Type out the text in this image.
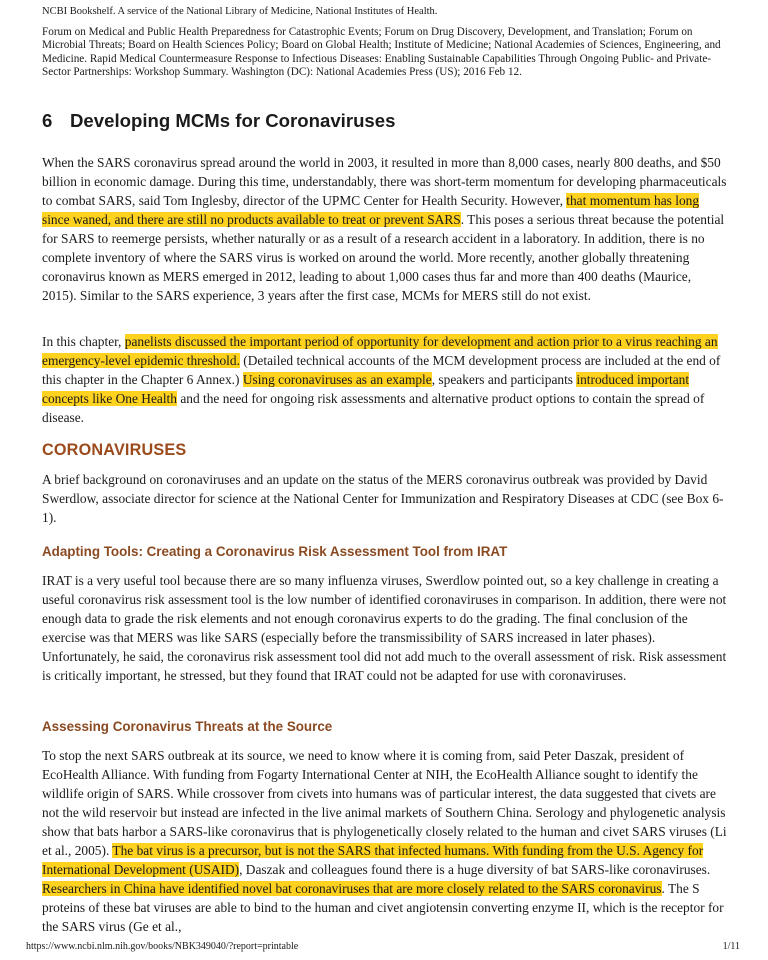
NCBI Bookshelf. A service of the National Library of Medicine, National Institutes of Health.
Forum on Medical and Public Health Preparedness for Catastrophic Events; Forum on Drug Discovery, Development, and Translation; Forum on Microbial Threats; Board on Health Sciences Policy; Board on Global Health; Institute of Medicine; National Academies of Sciences, Engineering, and Medicine. Rapid Medical Countermeasure Response to Infectious Diseases: Enabling Sustainable Capabilities Through Ongoing Public- and Private-Sector Partnerships: Workshop Summary. Washington (DC): National Academies Press (US); 2016 Feb 12.
6 Developing MCMs for Coronaviruses

When the SARS coronavirus spread around the world in 2003, it resulted in more than 8,000 cases, nearly 800 deaths, and $50 billion in economic damage. During this time, understandably, there was short-term momentum for developing pharmaceuticals to combat SARS, said Tom Inglesby, director of the UPMC Center for Health Security. However, that momentum has long since waned, and there are still no products available to treat or prevent SARS. This poses a serious threat because the potential for SARS to reemerge persists, whether naturally or as a result of a research accident in a laboratory. In addition, there is no complete inventory of where the SARS virus is worked on around the world. More recently, another globally threatening coronavirus known as MERS emerged in 2012, leading to about 1,000 cases thus far and more than 400 deaths (Maurice, 2015). Similar to the SARS experience, 3 years after the first case, MCMs for MERS still do not exist.

In this chapter, panelists discussed the important period of opportunity for development and action prior to a virus reaching an emergency-level epidemic threshold. (Detailed technical accounts of the MCM development process are included at the end of this chapter in the Chapter 6 Annex.) Using coronaviruses as an example, speakers and participants introduced important concepts like One Health and the need for ongoing risk assessments and alternative product options to contain the spread of disease.

CORONAVIRUSES

A brief background on coronaviruses and an update on the status of the MERS coronavirus outbreak was provided by David Swerdlow, associate director for science at the National Center for Immunization and Respiratory Diseases at CDC (see Box 6-1).

Adapting Tools: Creating a Coronavirus Risk Assessment Tool from IRAT

IRAT is a very useful tool because there are so many influenza viruses, Swerdlow pointed out, so a key challenge in creating a useful coronavirus risk assessment tool is the low number of identified coronaviruses in comparison. In addition, there were not enough data to grade the risk elements and not enough coronavirus experts to do the grading. The final conclusion of the exercise was that MERS was like SARS (especially before the transmissibility of SARS increased in later phases). Unfortunately, he said, the coronavirus risk assessment tool did not add much to the overall assessment of risk. Risk assessment is critically important, he stressed, but they found that IRAT could not be adapted for use with coronaviruses.

Assessing Coronavirus Threats at the Source

To stop the next SARS outbreak at its source, we need to know where it is coming from, said Peter Daszak, president of EcoHealth Alliance. With funding from Fogarty International Center at NIH, the EcoHealth Alliance sought to identify the wildlife origin of SARS. While crossover from civets into humans was of particular interest, the data suggested that civets are not the wild reservoir but instead are infected in the live animal markets of Southern China. Serology and phylogenetic analysis show that bats harbor a SARS-like coronavirus that is phylogenetically closely related to the human and civet SARS viruses (Li et al., 2005). The bat virus is a precursor, but is not the SARS that infected humans. With funding from the U.S. Agency for International Development (USAID), Daszak and colleagues found there is a huge diversity of bat SARS-like coronaviruses. Researchers in China have identified novel bat coronaviruses that are more closely related to the SARS coronavirus. The S proteins of these bat viruses are able to bind to the human and civet angiotensin converting enzyme II, which is the receptor for the SARS virus (Ge et al.,

https://www.ncbi.nlm.nih.gov/books/NBK349040/?report=printable	1/11
